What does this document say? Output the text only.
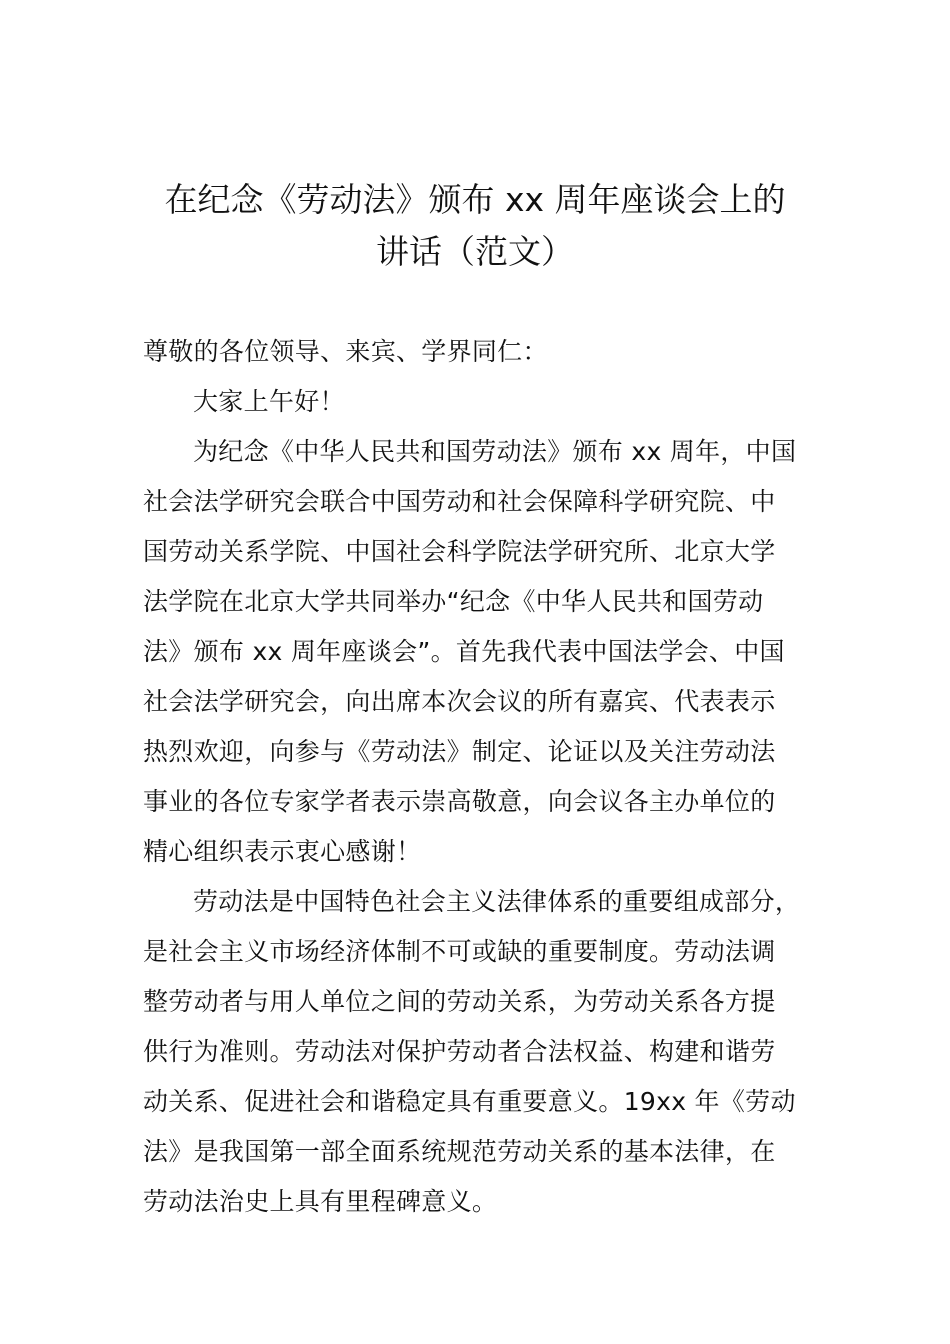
在纪念《劳动法》颁布 xx 周年座谈会上的
讲话（范文）
尊敬的各位领导、来宾、学界同仁：
大家上午好！
为纪念《中华人民共和国劳动法》颁布 xx 周年，中国
社会法学研究会联合中国劳动和社会保障科学研究院、中
国劳动关系学院、中国社会科学院法学研究所、北京大学
法学院在北京大学共同举办“纪念《中华人民共和国劳动
法》颁布 xx 周年座谈会”。首先我代表中国法学会、中国
社会法学研究会，向出席本次会议的所有嘉宾、代表表示
热烈欢迎，向参与《劳动法》制定、论证以及关注劳动法
事业的各位专家学者表示崇高敬意，向会议各主办单位的
精心组织表示衷心感谢！
劳动法是中国特色社会主义法律体系的重要组成部分，
是社会主义市场经济体制不可或缺的重要制度。劳动法调
整劳动者与用人单位之间的劳动关系，为劳动关系各方提
供行为准则。劳动法对保护劳动者合法权益、构建和谐劳
动关系、促进社会和谐稳定具有重要意义。19xx 年《劳动
法》是我国第一部全面系统规范劳动关系的基本法律，在
劳动法治史上具有里程碑意义。
